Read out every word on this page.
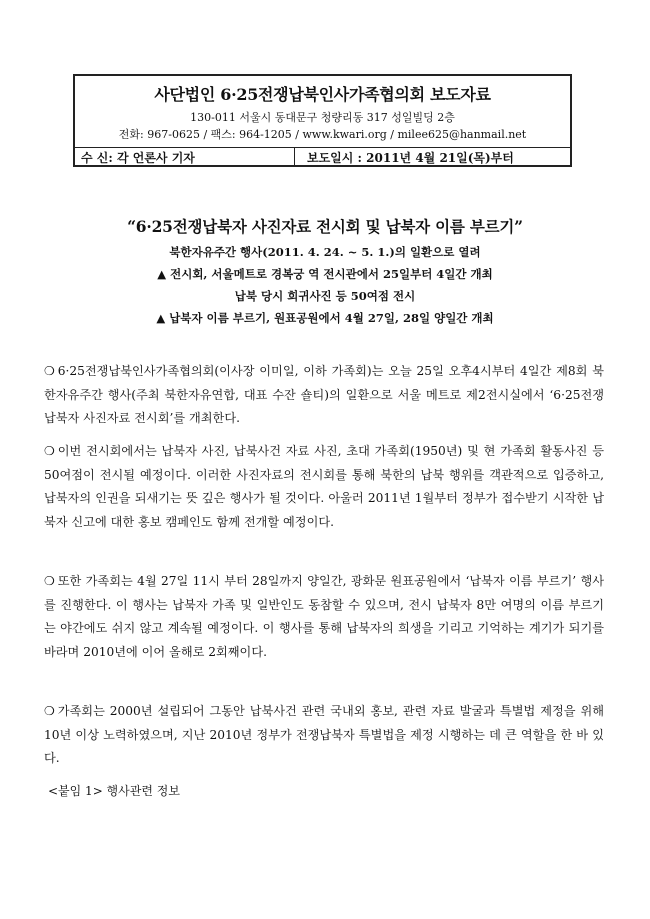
사단법인 6·25전쟁납북인사가족협의회 보도자료
130-011 서울시 동대문구 청량리동 317 성일빌딩 2층
전화: 967-0625 / 팩스: 964-1205 / www.kwari.org / milee625@hanmail.net
수 신: 각 언론사 기자	보도일시 : 2011년 4월 21일(목)부터
“6·25전쟁납북자 사진자료 전시회 및 납북자 이름 부르기”
북한자유주간 행사(2011. 4. 24. ~ 5. 1.)의 일환으로 열려
▲ 전시회, 서울메트로 경복궁 역 전시관에서 25일부터 4일간 개최
납북 당시 희귀사진 등 50여점 전시
▲ 납북자 이름 부르기, 원표공원에서 4월 27일, 28일 양일간 개최

❍ 6·25전쟁납북인사가족협의회(이사장 이미일, 이하 가족회)는 오늘 25일 오후4시부터 4일간 제8회 북한자유주간 행사(주최 북한자유연합, 대표 수잔 숄티)의 일환으로 서울 메트로 제2전시실에서 ‘6·25전쟁납북자 사진자료 전시회’를 개최한다.

❍ 이번 전시회에서는 납북자 사진, 납북사건 자료 사진, 초대 가족회(1950년) 및 현 가족회 활동사진 등 50여점이 전시될 예정이다. 이러한 사진자료의 전시회를 통해 북한의 납북 행위를 객관적으로 입증하고, 납북자의 인권을 되새기는 뜻 깊은 행사가 될 것이다. 아울러 2011년 1월부터 정부가 접수받기 시작한 납북자 신고에 대한 홍보 캠페인도 함께 전개할 예정이다.

❍ 또한 가족회는 4월 27일 11시 부터 28일까지 양일간, 광화문 원표공원에서 ‘납북자 이름 부르기’ 행사를 진행한다. 이 행사는 납북자 가족 및 일반인도 동참할 수 있으며, 전시 납북자 8만 여명의 이름 부르기는 야간에도 쉬지 않고 계속될 예정이다. 이 행사를 통해 납북자의 희생을 기리고 기억하는 계기가 되기를 바라며 2010년에 이어 올해로 2회째이다.

❍ 가족회는 2000년 설립되어 그동안 납북사건 관련 국내외 홍보, 관련 자료 발굴과 특별법 제정을 위해 10년 이상 노력하였으며, 지난 2010년 정부가 전쟁납북자 특별법을 제정 시행하는 데 큰 역할을 한 바 있다.

<붙임 1> 행사관련 정보
